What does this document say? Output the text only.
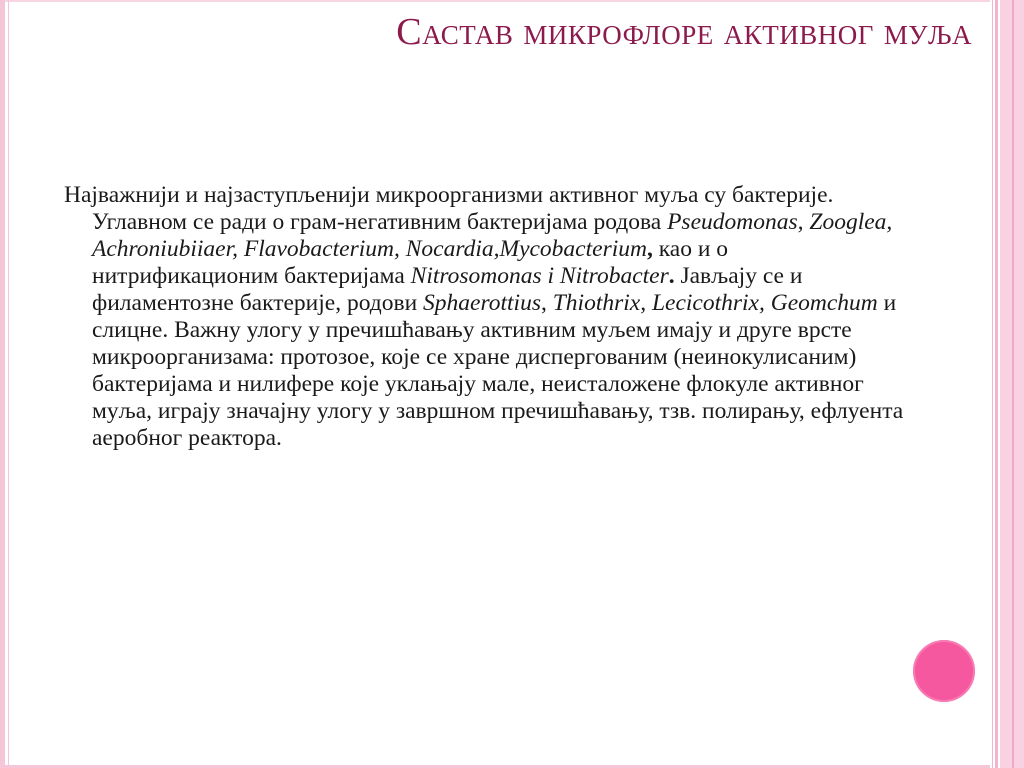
Састав микрофлоре активног муља

Најважнији и најзаступљенији микроорганизми активног муља су бактерије. Углавном се ради о грам-негативним бактеријама родова Pseudomonas, Zooglea, Achroniubiiaer, Flavobacterium, Nocardia,Mycobacterium, као и о нитрификационим бактеријама Nitrosomonas i Nitrobacter. Јављају се и филаментозне бактерије, родови Sphaerottius, Thiothrix, Lecicothrix, Geomchum и слицне. Важну улогу у пречишћавању активним муљем имају и друге врсте микроорганизама: протозое, које се хране диспергованим (неинокулисаним) бактеријама и нилифере које уклањају мале, неисталожене флокуле активног муља, играју значајну улогу у завршном пречишћавању, тзв. полирању, ефлуента аеробног реактора.
